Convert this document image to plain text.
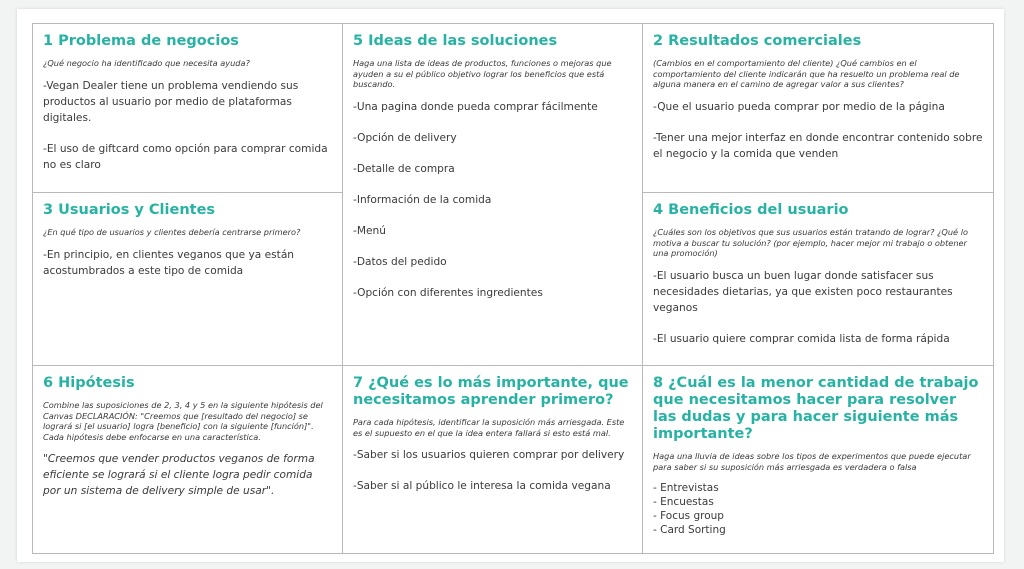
1 Problema de negocios
¿Qué negocio ha identificado que necesita ayuda?
-Vegan Dealer tiene un problema vendiendo sus productos al usuario por medio de plataformas digitales.
-El uso de giftcard como opción para comprar comida no es claro
3 Usuarios y Clientes
¿En qué tipo de usuarios y clientes debería centrarse primero?
-En principio, en clientes veganos que ya están acostumbrados a este tipo de comida
5 Ideas de las soluciones
Haga una lista de ideas de productos, funciones o mejoras que ayuden a su el público objetivo lograr los beneficios que está buscando.
-Una pagina donde pueda comprar fácilmente
-Opción de delivery
-Detalle de compra
-Información de la comida
-Menú
-Datos del pedido
-Opción con diferentes ingredientes
2 Resultados comerciales
(Cambios en el comportamiento del cliente) ¿Qué cambios en el comportamiento del cliente indicarán que ha resuelto un problema real de alguna manera en el camino de agregar valor a sus clientes?
-Que el usuario pueda comprar por medio de la página
-Tener una mejor interfaz en donde encontrar contenido sobre el negocio y la comida que venden
4 Beneficios del usuario
¿Cuáles son los objetivos que sus usuarios están tratando de lograr? ¿Qué lo motiva a buscar tu solución? (por ejemplo, hacer mejor mi trabajo o obtener una promoción)
-El usuario busca un buen lugar donde satisfacer sus necesidades dietarias, ya que existen poco restaurantes veganos
-El usuario quiere comprar comida lista de forma rápida
6 Hipótesis
Combine las suposiciones de 2, 3, 4 y 5 en la siguiente hipótesis del Canvas DECLARACIÓN: "Creemos que [resultado del negocio] se logrará si [el usuario] logra [beneficio] con la siguiente [función]". Cada hipótesis debe enfocarse en una característica.
"Creemos que vender productos veganos de forma eficiente se logrará si el cliente logra pedir comida por un sistema de delivery simple de usar".
7 ¿Qué es lo más importante, que necesitamos aprender primero?
Para cada hipótesis, identificar la suposición más arriesgada. Este es el supuesto en el que la idea entera fallará si esto está mal.
-Saber si los usuarios quieren comprar por delivery
-Saber si al público le interesa la comida vegana
8 ¿Cuál es la menor cantidad de trabajo que necesitamos hacer para resolver las dudas y para hacer siguiente más importante?
Haga una lluvia de ideas sobre los tipos de experimentos que puede ejecutar para saber si su suposición más arriesgada es verdadera o falsa
- Entrevistas
- Encuestas
- Focus group
- Card Sorting
